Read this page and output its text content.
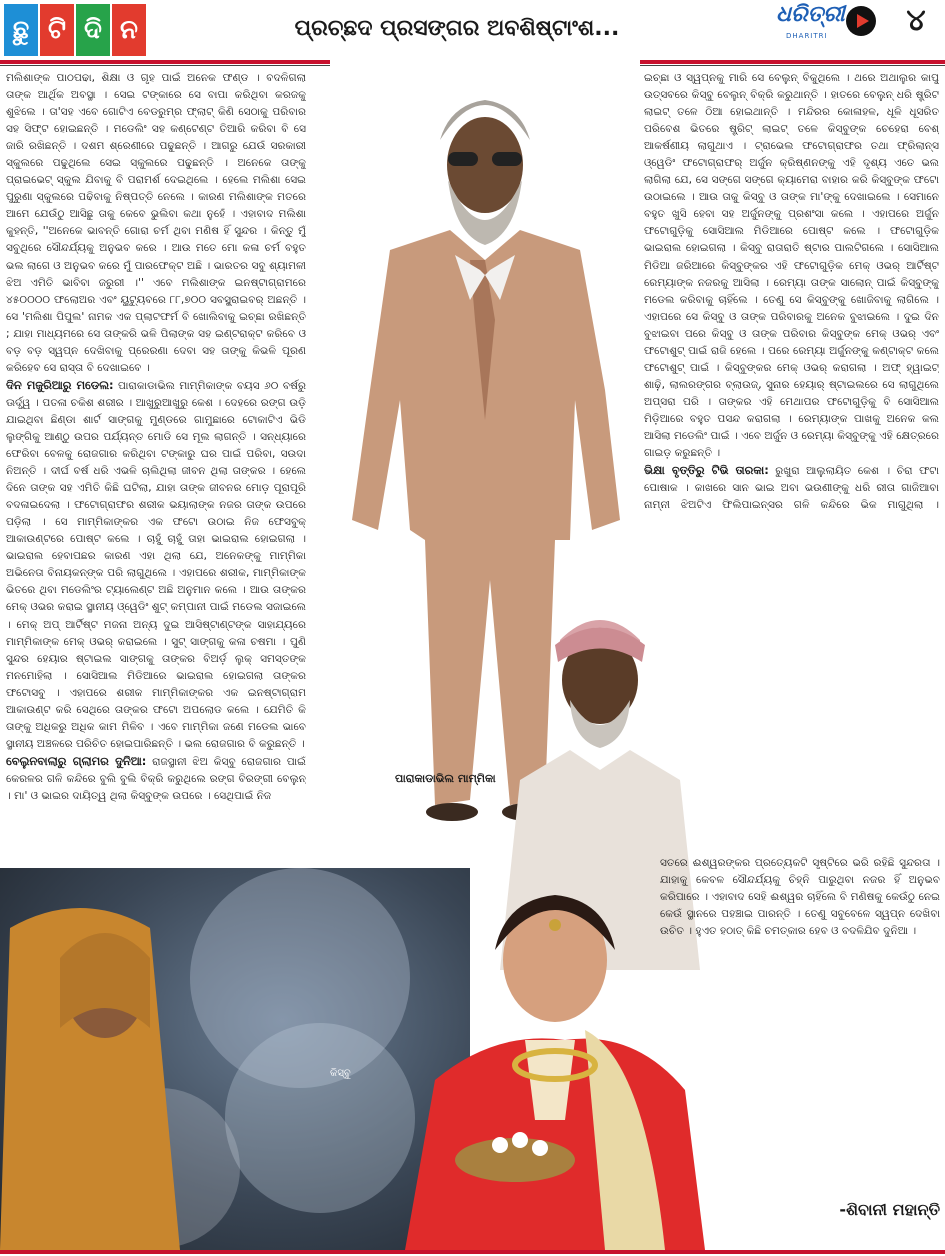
ଛୁ ଟି ଦି ନ	ପ୍ରଚ୍ଛଦ ପ୍ରସଙ୍ଗର ଅବଶିଷ୍ଟାଂଶ...
ଧରିତ୍ରୀ
DHARITRI	୪
ପାରାକାଡାଭିଲ ମାମ୍ମିକା
କିସ୍‌ବୁ

ମଲିଶାଙ୍କ ପାଠପଢା, ଶିକ୍ଷା ଓ ଗୃହ ପାଇଁ ଅନେକ ଫଣ୍ଡ । ବଦଳିଗଲା ତାଙ୍କ ଆର୍ଥିକ ଅବସ୍ଥା । ସେଇ ଟଙ୍କାରେ ସେ ବାପା କରିଥିବା କରଜକୁ ଶୁଝିଲେ । ତା'ସହ ଏବେ ଗୋଟିଏ ବେଡରୁମ୍‌ର ଫ୍ଲାଟ୍ କିଣି ସେଠାକୁ ପରିବାର ସହ ସିଫ୍ଟ ହୋଇଛନ୍ତି । ମଡେଲିଂ ସହ କଣ୍ଟେଣ୍ଟ ତିଆରି କରିବା ବି ସେ ଜାରି ରଖିଛନ୍ତି । ଦଶମ ଶ୍ରେଣୀରେ ପଢୁଛନ୍ତି । ଆଗରୁ ଯେଉଁ ସରକାରୀ ସ୍କୁଲରେ ପଢୁଥିଲେ ସେଇ ସ୍କୁଲରେ ପଢୁଛନ୍ତି । ଅନେକେ ତାଙ୍କୁ ପ୍ରାଇଭେଟ୍ ସ୍କୁଲ ଯିବାକୁ ବି ପରାମର୍ଶ ଦେଇଥିଲେ । ହେଲେ ମଲିଶା ସେଇ ପୁରୁଣା ସ୍କୁଲରେ ପଢିବାକୁ ନିଷ୍ପତ୍ତି ନେଲେ । କାରଣ ମଲିଶାଙ୍କ ମତରେ ଆମେ ଯେଉଁଠୁ ଆସିଛୁ ତାକୁ କେବେ ଭୁଲିବା କଥା ନୁହେଁ । ଏହାବାଦ ମଲିଶା କୁହନ୍ତି, ''ଅନେକେ ଭାବନ୍ତି ଗୋରା ଚର୍ମ ଥିବା ମଣିଷ ହିଁ ସୁନ୍ଦର । କିନ୍ତୁ ମୁଁ ସବୁଥିରେ ସୌନ୍ଦର୍ଯ୍ୟକୁ ଅନୁଭବ କରେ । ଆଉ ମତେ ମୋ କଳା ଚର୍ମ ବହୁତ ଭଲ ଲାଗେ ଓ ଅନୁଭବ କରେ ମୁଁ ପାରଫେକ୍ଟ ଅଛି । ଭାରତର ସବୁ ଶ୍ୟାମଳୀ ଝିଅ ଏମିତି ଭାବିବା ଜରୁରୀ ।'' ଏବେ ମଲିଶାଙ୍କ ଇନଷ୍ଟାଗ୍ରାମରେ ୪୫୦୦୦୦ ଫଲୋଅର ଏବଂ ୟୁଟ୍ୟୁବରେ ୮୮,୭୦୦ ସବସ୍କ୍ରାଇବର୍ ଅଛନ୍ତି । ସେ 'ମଲିଶା ପିପୁଲ' ନାମକ ଏକ ପ୍ଲାଟଫର୍ମ ବି ଖୋଲିବାକୁ ଇଚ୍ଛା ରଖିଛନ୍ତି ; ଯାହା ମାଧ୍ୟମରେ ସେ ତାଙ୍କରି ଭଳି ପିଲାଙ୍କ ସହ ଇଣ୍ଟରାକ୍ଟ କରିବେ ଓ ବଡ଼ ବଡ଼ ସ୍ୱପ୍ନ ଦେଖିବାକୁ ପ୍ରେରଣା ଦେବା ସହ ତାଙ୍କୁ କିଭଳି ପୂରଣ କରିହେବ ସେ ରାସ୍ତା ବି ଦେଖାଇବେ ।

ଦିନ ମଜୁରିଆରୁ ମଡେଲ: ପାରାକାଡାଭିଲ ମାମ୍ମିକାଙ୍କ ବୟସ ୬୦ ବର୍ଷରୁ ଊର୍ଦ୍ଧ୍ୱ । ପତଳା ଚକିଶ ଶରୀର । ଆଖୁରୁଆଖୁରୁ କେଶ । ଦେହରେ ରଙ୍ଗ ଉଡ଼ି ଯାଇଥିବା ଛିଣ୍ଡା ଶାର୍ଟ ସାଙ୍ଗକୁ ମୁଣ୍ଡରେ ଗାମୁଛାରେ ଟୋକାଟିଏ ଭିଡି ଲୁଙ୍ଗିକୁ ଆଣ୍ଠୁ ଉପର ପର୍ଯ୍ୟନ୍ତ ମୋଡି ସେ ମୂଲ ଲାଗନ୍ତି । ସନ୍ଧ୍ୟାରେ ଫେରିବା ବେଳକୁ ରୋଜଗାର କରିଥିବା ଟଙ୍କାରୁ ଘର ପାଇଁ ପରିବା, ସଉଦା ନିଅନ୍ତି । ଦୀର୍ଘ ବର୍ଷ ଧରି ଏଭଳି ଚାଲିଥିଲା ଜୀବନ ଥିଲା ତାଙ୍କର । ହେଲେ ଦିନେ ତାଙ୍କ ସହ ଏମିତି କିଛି ଘଟିଲା, ଯାହା ତାଙ୍କ ଜୀବନର ମୋଡ଼ ପୂରାପୂରି ବଦଳାଇଦେଲା । ଫଟୋଗ୍ରାଫର ଶରୀକ ଭୟାଲାଙ୍କ ନଜର ତାଙ୍କ ଉପରେ ପଡ଼ିଲା । ସେ ମାମ୍ମିକାଙ୍କର ଏକ ଫଟୋ ଉଠାଇ ନିଜ ଫେସବୁକ୍ ଆକାଉଣ୍ଟରେ ପୋଷ୍ଟ କଲେ । ଚାହୁଁ ଚାହୁଁ ତାହା ଭାଇରାଲ ହୋଇଗଲା । ଭାଇରାଲ ହେବାପଛର କାରଣ ଏହା ଥିଲା ଯେ, ଅନେକଙ୍କୁ ମାମ୍ମିକା ଅଭିନେତା ବିନାୟକନ୍‌ଙ୍କ ପରି ଲାଗୁଥିଲେ । ଏହାପରେ ଶରୀକ, ମାମ୍ମିକାଙ୍କ ଭିତରେ ଥିବା ମଡେଲିଂର ଟ୍ୟାଲେଣ୍ଟ ଅଛି ଅନୁମାନ କଲେ । ଆଉ ତାଙ୍କର ମେକ୍ ଓଭର କରାଇ ସ୍ଥାନୀୟ ଓ୍ୱେଡିଂ ଶୁଟ୍ କମ୍ପାନୀ ପାଇଁ ମଡେଲ ସଜାଇଲେ । ମେକ୍ ଅପ୍ ଆର୍ଟିଷ୍ଟ ମଜନା ଅନ୍ୟ ଦୁଇ ଆସିଷ୍ଟାଣ୍ଟଙ୍କ ସାହାଯ୍ୟରେ ମାମ୍ମିକାଙ୍କ ମେକ୍ ଓଭର୍ କରାଇଲେ । ସୁଟ୍ ସାଙ୍ଗକୁ କଳା ଚଷମା । ପୁଣି ସୁନ୍ଦର ହେୟାର ଷ୍ଟାଇଲ ସାଙ୍ଗକୁ ତାଙ୍କର ବିଅର୍ଡ଼ ଲୁକ୍ ସମସ୍ତଙ୍କ ମନମୋହିଲା । ସୋସିଆଲ ମିଡିଆରେ ଭାଇରାଲ ହୋଇଗଲା ତାଙ୍କର ଫଟୋସବୁ । ଏହାପରେ ଶରୀକ ମାମ୍ମିକାଙ୍କର ଏକ ଇନଷ୍ଟାଗ୍ରାମ ଆକାଉଣ୍ଟ କରି ସେଥିରେ ତାଙ୍କର ଫଟୋ ଅପଲୋଡ କଲେ । ଯେମିତି କି ତାଙ୍କୁ ଅଧିକରୁ ଅଧିକ କାମ ମିଳିବ । ଏବେ ମାମ୍ମିକା ଜଣେ ମଡେଲ ଭାବେ ସ୍ଥାନୀୟ ଅଞ୍ଚଳରେ ପରିଚିତ ହୋଇପାରିଛନ୍ତି । ଭଲ ରୋଜଗାର ବି କରୁଛନ୍ତି ।

ବେଲୁନବାଲାରୁ ଗ୍ଲାମର ଦୁନିଆ: ରାଜସ୍ଥାନୀ ଝିଅ କିସ୍‌ବୁ ରୋଜଗାର ପାଇଁ କେରଳର ଗଳି କନ୍ଦିରେ ବୁଲି ବୁଲି ବିକ୍ରି କରୁଥିଲେ ରଙ୍ଗ ବିରଙ୍ଗୀ ବେଲୁନ୍ । ମା' ଓ ଭାଇର ଦାୟିତ୍ୱ ଥିଲା କିସ୍‌ବୁଙ୍କ ଉପରେ । ସେଥିପାଇଁ ନିଜ

ଇଚ୍ଛା ଓ ସ୍ୱପ୍ନକୁ ମାରି ସେ ବେଲୁନ୍ ବିକୁଥିଲେ । ଥରେ ଅଥାଲୁର କାପୁ ଉତ୍ସବରେ କିସ୍‌ବୁ ବେଲୁନ୍ ବିକ୍ରି କରୁଥାନ୍ତି । ହାତରେ ବେଲୁନ୍ ଧରି ଷ୍ଟ୍ରିଟ ଲାଇଟ୍ ତଳେ ଠିଆ ହୋଇଥାନ୍ତି । ମନ୍ଦିରର କୋଳାହଳ, ଧୂଳି ଧୂସରିତ ପରିବେଶ ଭିତରେ ଷ୍ଟ୍ରିଟ୍ ଲାଇଟ୍ ତଳେ କିସ୍‌ବୁଙ୍କ ଚେହେରା ବେଶ୍ ଆକର୍ଷଣୀୟ ଲାଗୁଥାଏ । ଟ୍ରାଭେଲ ଫଟୋଗ୍ରାଫର ତଥା ଫ୍ରିଲାନ୍ସ ଓ୍ୱେଡିଂ ଫଟୋଗ୍ରାଫର୍ ଅର୍ଜୁନ କ୍ରିଷ୍ଣନଙ୍କୁ ଏହି ଦୃଶ୍ୟ ଏତେ ଭଲ ଲାଗିଲା ଯେ, ସେ ସଙ୍ଗେ ସଙ୍ଗେ କ୍ୟାମେରା ବାହାର କରି କିସ୍‌ବୁଙ୍କ ଫଟୋ ଉଠାଇଲେ । ଆଉ ତାକୁ କିସ୍‌ବୁ ଓ ତାଙ୍କ ମା'ଙ୍କୁ ଦେଖାଇଲେ । ସେମାନେ ବହୁତ ଖୁସି ହେବା ସହ ଅର୍ଜୁନଙ୍କୁ ପ୍ରଶଂସା କଲେ । ଏହାପରେ ଅର୍ଜୁନ ଫଟୋଗୁଡ଼ିକୁ ସୋସିଆଲ ମିଡିଆରେ ପୋଷ୍ଟ କଲେ । ଫଟୋଗୁଡ଼ିକ ଭାଇରାଲ ହୋଇଗଲା । କିସ୍‌ବୁ ରାତାରାତି ଷ୍ଟାର ପାଲଟିଗଲେ । ସୋସିଆଲ ମିଡିଆ ଜରିଆରେ କିସ୍‌ବୁଙ୍କର ଏହି ଫଟୋଗୁଡ଼ିକ ମେକ୍ ଓଭର୍ ଆର୍ଟିଷ୍ଟ ରେମ୍ୟାଙ୍କ ନଜରକୁ ଆସିଲା । ରେମ୍ୟା ତାଙ୍କ ସାଲୋନ୍ ପାଇଁ କିସ୍‌ବୁଙ୍କୁ ମଡେଲ କରିବାକୁ ଚାହିଁଲେ । ତେଣୁ ସେ କିସ୍‌ବୁଙ୍କୁ ଖୋଜିବାକୁ ଲାଗିଲେ । ଏହାପରେ ସେ କିସ୍‌ବୁ ଓ ତାଙ୍କ ପରିବାରକୁ ଅନେକ ବୁଝାଇଲେ । ଦୁଇ ଦିନ ବୁଝାଇବା ପରେ କିସ୍‌ବୁ ଓ ତାଙ୍କ ପରିବାର କିସ୍‌ବୁଙ୍କ ମେକ୍ ଓଭର୍ ଏବଂ ଫଟୋଶୁଟ୍ ପାଇଁ ରାଜି ହେଲେ । ପରେ ରେମ୍ୟା ଅର୍ଜୁନଙ୍କୁ କଣ୍ଟାକ୍ଟ କଲେ ଫଟୋଶୁଟ୍ ପାଇଁ । କିସ୍‌ବୁଙ୍କର ମେକ୍ ଓଭର୍ କରାଗଲା । ଅଫ୍ ହ୍ୱାଇଟ୍ ଶାଢ଼ି, ଲାଲରଙ୍ଗର ବ୍ଲାଉଜ୍, ସୁନାର ହେୟାର୍ ଷ୍ଟାଇଲରେ ସେ ଲାଗୁଥିଲେ ଅପ୍‌ସରା ପରି । ତାଙ୍କର ଏହି ମେଥାପର ଫଟୋଗୁଡ଼ିକୁ ବି ସୋସିଆଲ ମିଡ଼ିଆରେ ବହୁତ ପସନ୍ଦ କରାଗଲା । ରେମ୍ୟାଙ୍କ ପାଖକୁ ଅନେକ କଲ ଆସିଲା ମଡେଲିଂ ପାଇଁ । ଏବେ ଅର୍ଜୁନ ଓ ରେମ୍ୟା କିସ୍‌ବୁଙ୍କୁ ଏହି କ୍ଷେତ୍ରରେ ଗାଇଡ଼ କରୁଛନ୍ତି ।

ଭିକ୍ଷା ବୃତ୍ତିରୁ ଟିଭି ତାରକା: ରୁଖୁରା ଆଲୁଲାୟିତ କେଶ । ଚିରା ଫଟା ପୋଷାକ । କାଖରେ ସାନ ଭାଇ ଅବା ଭଉଣୀଙ୍କୁ ଧରି ରୀତା ଗାଜିଆବା ନାମ୍ନୀ ଝିଅଟିଏ ଫିଲିପାଇନ୍ସର ଗଳି କନ୍ଦିରେ ଭିକ ମାଗୁଥିଲା ।

ସତରେ ଈଶ୍ୱରଙ୍କର ପ୍ରତ୍ୟେକଟି ସୃଷ୍ଟିରେ ଭରି ରହିଛି ସୁନ୍ଦରତା । ଯାହାକୁ କେବଳ ସୌନ୍ଦର୍ଯ୍ୟକୁ ଚିହ୍ନି ପାରୁଥିବା ନଜର ହିଁ ଅନୁଭବ କରିପାରେ । ଏହାବାଦ ସେହି ଈଶ୍ୱର ଚାହିଁଲେ ବି ମଣିଷକୁ କେଉଁଠୁ ନେଇ କେଉଁ ସ୍ଥାନରେ ପହଞ୍ଚାଇ ପାରନ୍ତି । ତେଣୁ ସବୁବେଳେ ସ୍ୱପ୍ନ ଦେଖିବା ଉଚିତ । ହୁଏତ ହଠାତ୍ କିଛି ଚମତ୍କାର ହେବ ଓ ବଦଳିଯିବ ଦୁନିଆ ।

-ଶିବାନୀ ମହାନ୍ତି
